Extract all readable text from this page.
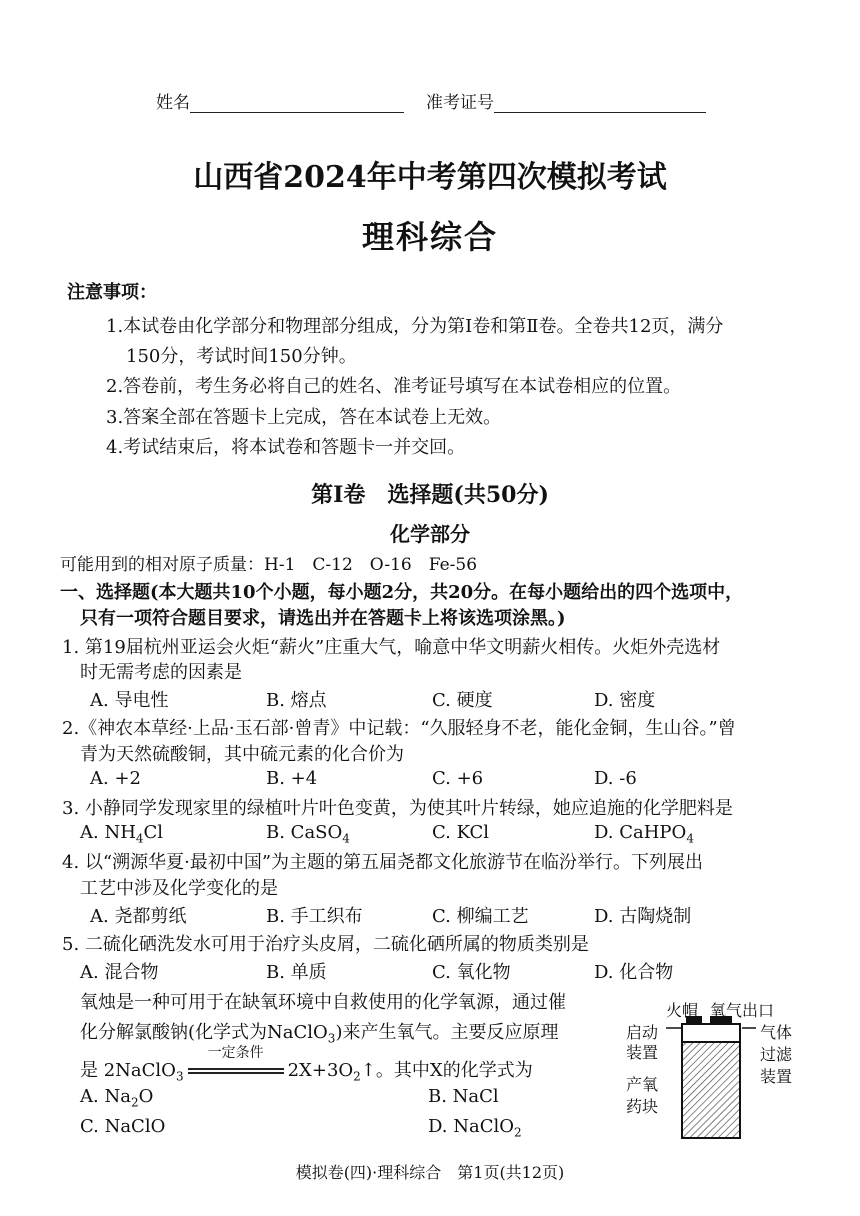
姓名	准考证号
山西省2024年中考第四次模拟考试
理科综合
注意事项：
1.本试卷由化学部分和物理部分组成，分为第Ⅰ卷和第Ⅱ卷。全卷共12页，满分
150分，考试时间150分钟。
2.答卷前，考生务必将自己的姓名、准考证号填写在本试卷相应的位置。
3.答案全部在答题卡上完成，答在本试卷上无效。
4.考试结束后，将本试卷和答题卡一并交回。
第Ⅰ卷　选择题(共50分)
化学部分
可能用到的相对原子质量：H-1　C-12　O-16　Fe-56
一、选择题(本大题共10个小题，每小题2分，共20分。在每小题给出的四个选项中，
只有一项符合题目要求，请选出并在答题卡上将该选项涂黑。)
1. 第19届杭州亚运会火炬“薪火”庄重大气，喻意中华文明薪火相传。火炬外壳选材
时无需考虑的因素是
A. 导电性	B. 熔点	C. 硬度	D. 密度
2.《神农本草经·上品·玉石部·曾青》中记载：“久服轻身不老，能化金铜，生山谷。”曾
青为天然硫酸铜，其中硫元素的化合价为
A. +2	B. +4	C. +6	D. -6
3. 小静同学发现家里的绿植叶片叶色变黄，为使其叶片转绿，她应追施的化学肥料是
A. $NH_4Cl$	B. CaSO$_4$	C. KCl	D. CaHPO$_4$
4. 以“溯源华夏·最初中国”为主题的第五届尧都文化旅游节在临汾举行。下列展出
工艺中涉及化学变化的是
A. 尧都剪纸	B. 手工织布	C. 柳编工艺	D. 古陶烧制
5. 二硫化硒洗发水可用于治疗头皮屑，二硫化硒所属的物质类别是
A. 混合物	B. 单质	C. 氧化物	D. 化合物
氧烛是一种可用于在缺氧环境中自救使用的化学氧源，通过催
化分解氯酸钠(化学式为NaClO$_3$)来产生氧气。主要反应原理
是 2NaClO$_3$
一定条件
$2X+3O_2↑$。其中X的化学式为
A. $Na_2O$	B. NaCl
C. NaClO	D. NaClO$_2$
火帽 氧气出口
启动
装置
气体
过滤
装置
产氧
药块
模拟卷(四)·理科综合　第1页(共12页)
